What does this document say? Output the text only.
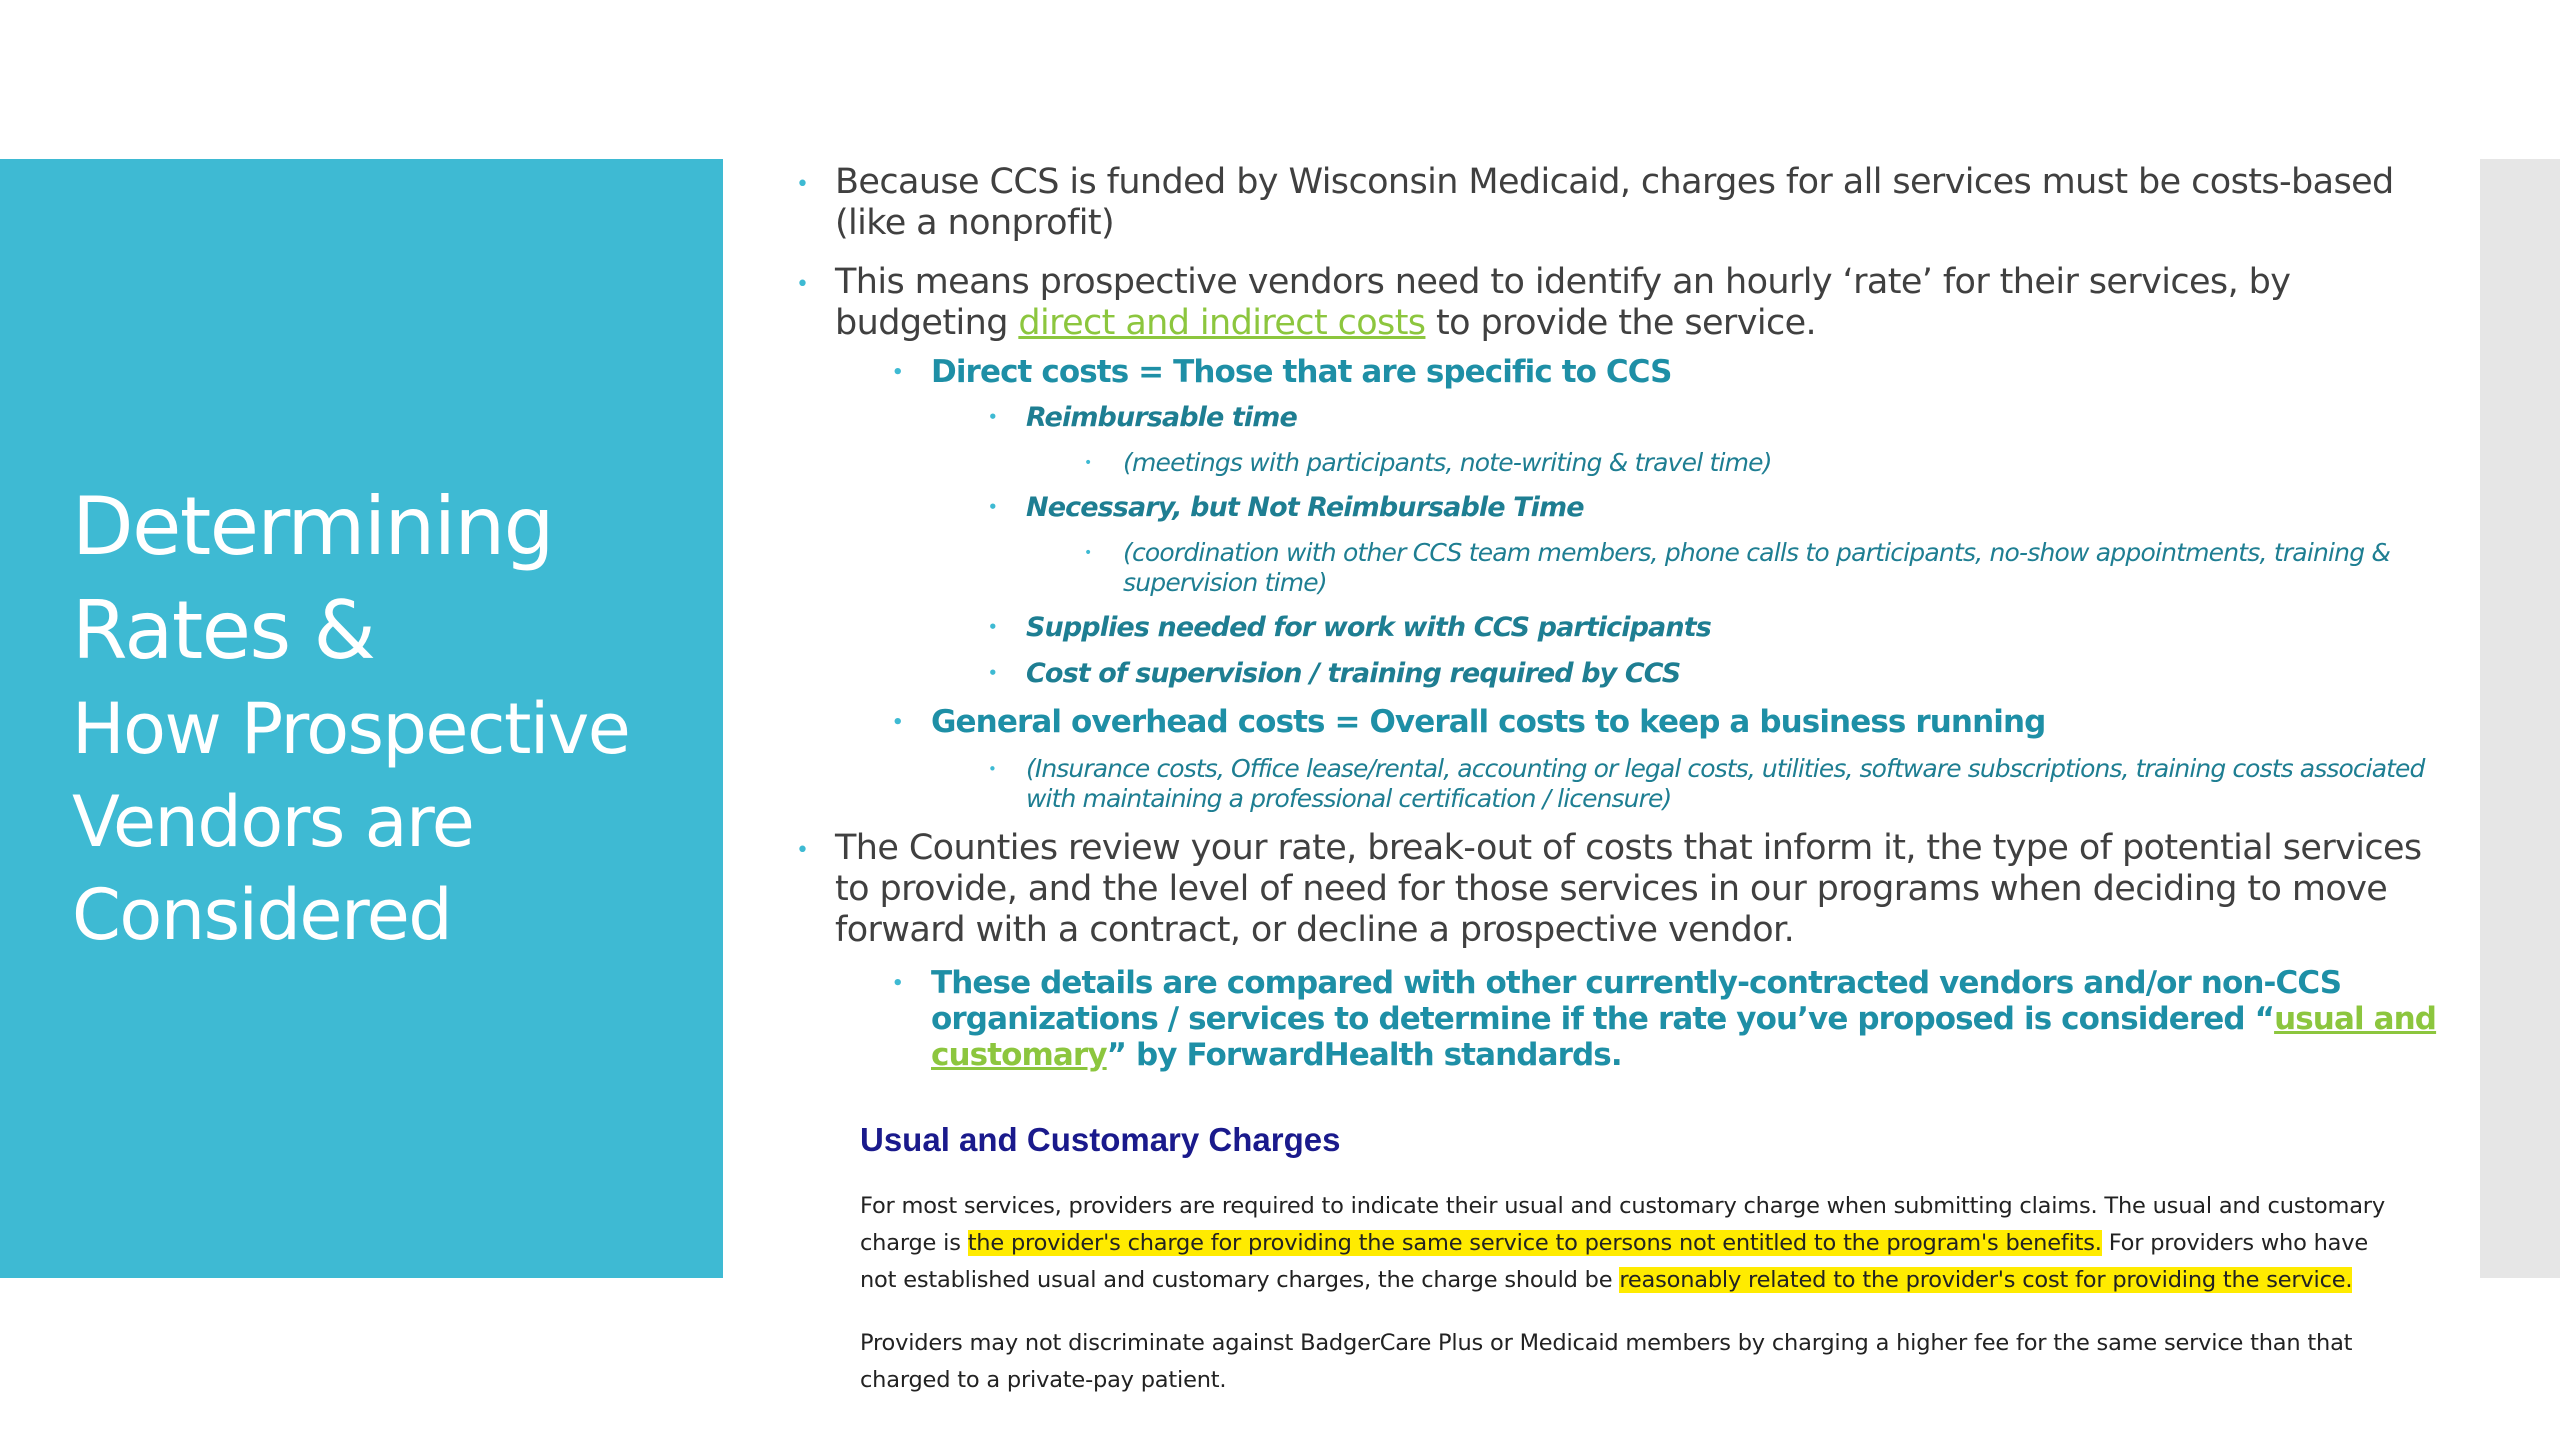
Determining
Rates &
How Prospective
Vendors are
Considered

• Because CCS is funded by Wisconsin Medicaid, charges for all services must be costs-based (like a nonprofit)

• This means prospective vendors need to identify an hourly ‘rate’ for their services, by budgeting direct and indirect costs to provide the service.

• Direct costs = Those that are specific to CCS

• Reimbursable time

• (meetings with participants, note-writing & travel time)

• Necessary, but Not Reimbursable Time

• (coordination with other CCS team members, phone calls to participants, no-show appointments, training & supervision time)

• Supplies needed for work with CCS participants

• Cost of supervision / training required by CCS

• General overhead costs = Overall costs to keep a business running

• (Insurance costs, Office lease/rental, accounting or legal costs, utilities, software subscriptions, training costs associated with maintaining a professional certification / licensure)

• The Counties review your rate, break-out of costs that inform it, the type of potential services to provide, and the level of need for those services in our programs when deciding to move forward with a contract, or decline a prospective vendor.

• These details are compared with other currently-contracted vendors and/or non-CCS organizations / services to determine if the rate you’ve proposed is considered “usual and customary” by ForwardHealth standards.

Usual and Customary Charges

For most services, providers are required to indicate their usual and customary charge when submitting claims. The usual and customary charge is the provider's charge for providing the same service to persons not entitled to the program's benefits. For providers who have not established usual and customary charges, the charge should be reasonably related to the provider's cost for providing the service.

Providers may not discriminate against BadgerCare Plus or Medicaid members by charging a higher fee for the same service than that charged to a private-pay patient.
